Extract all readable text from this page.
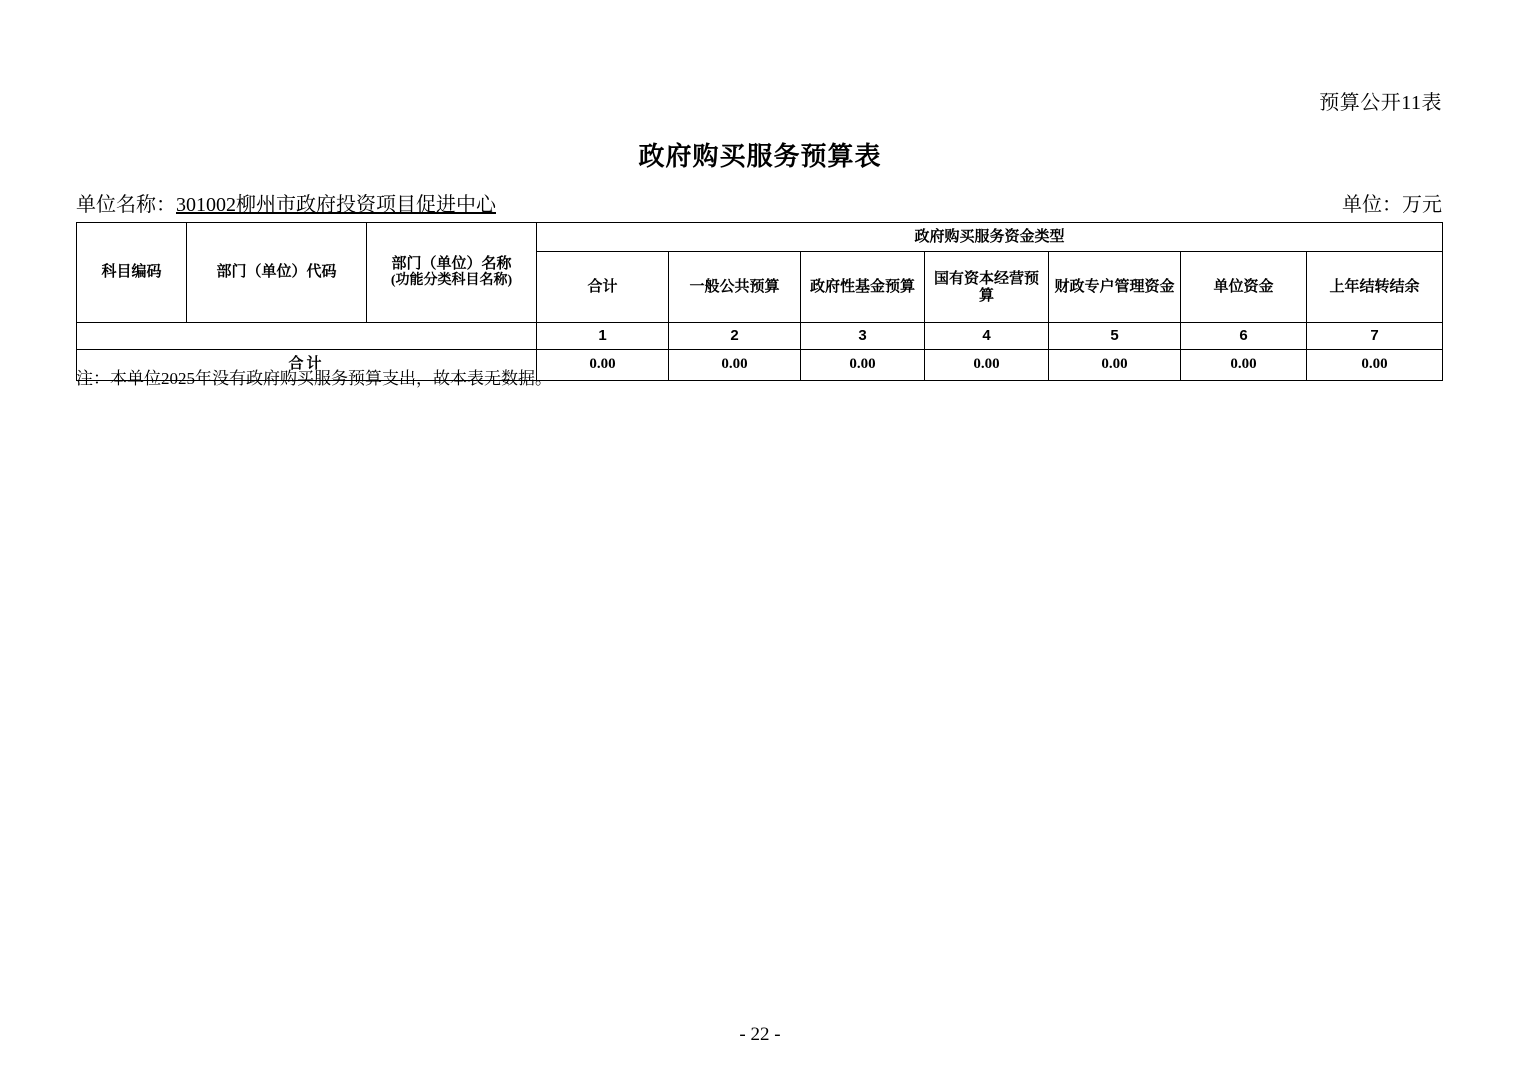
预算公开11表
政府购买服务预算表
单位名称：301002柳州市政府投资项目促进中心	单位：万元
科目编码	部门（单位）代码	部门（单位）名称
(功能分类科目名称)	政府购买服务资金类型						
			合计	一般公共预算	政府性基金预算	国有资本经营预算	财政专户管理资金	单位资金	上年结转结余
			1	2	3	4	5	6	7
合计			0.00	0.00	0.00	0.00	0.00	0.00	0.00
注：本单位2025年没有政府购买服务预算支出，故本表无数据。
- 22 -
